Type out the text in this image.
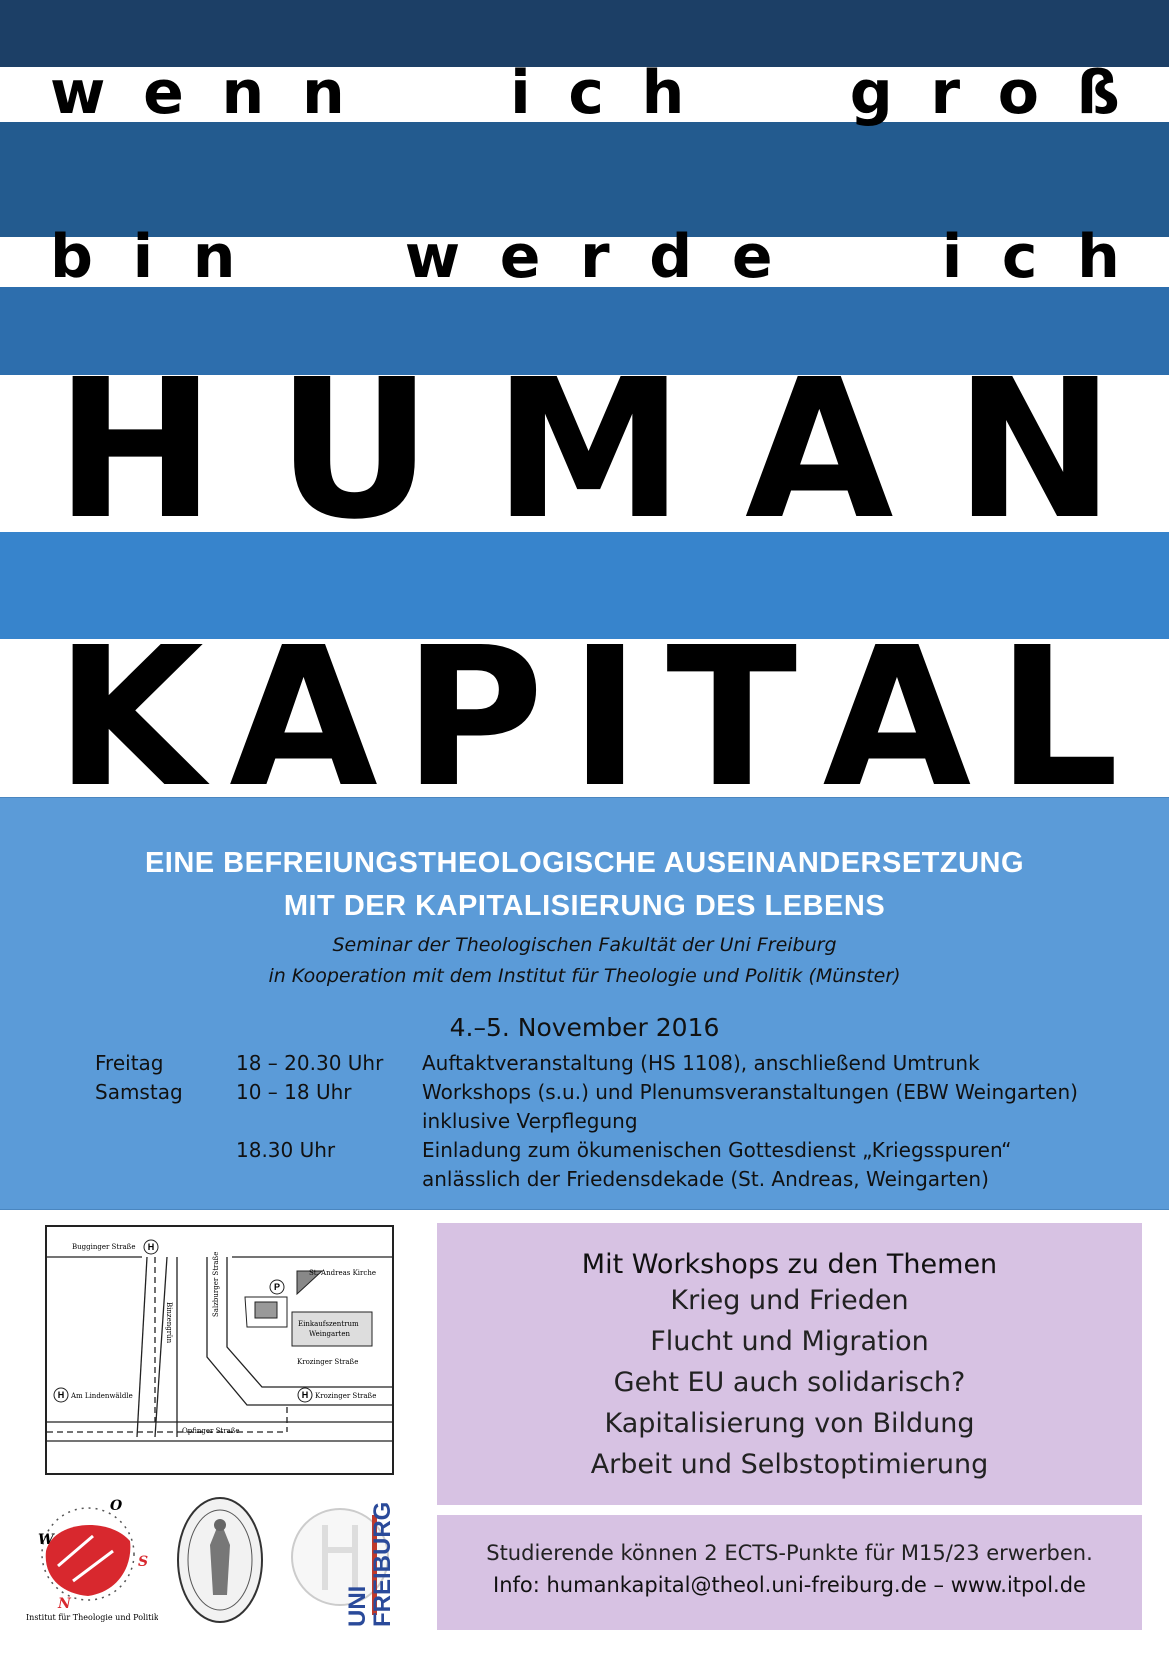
w e n n	i c h	g r o ß
b i n	w e r d e	i c h
H U M A N
K A P I T A L
EINE BEFREIUNGSTHEOLOGISCHE AUSEINANDERSETZUNG
MIT DER KAPITALISIERUNG DES LEBENS
Seminar der Theologischen Fakultät der Uni Freiburg
in Kooperation mit dem Institut für Theologie und Politik (Münster)
4.–5. November 2016
Freitag	18 – 20.30 Uhr Auftaktveranstaltung (HS 1108), anschließend Umtrunk
Samstag	10 – 18 Uhr	Workshops (s.u.) und Plenumsveranstaltungen (EBW Weingarten)
inklusive Verpflegung
18.30 Uhr	Einladung zum ökumenischen Gottesdienst „Kriegsspuren“
anlässlich der Friedensdekade (St. Andreas, Weingarten)
P
H
H	H
Bugginger Straße
Binzengrün
Salzburger Straße	St. Andreas Kirche
Einkaufszentrum
Weingarten
Krozinger Straße
Am Lindenwäldle	Krozinger Straße
Opfinger Straße
W
O
S
N
Institut für Theologie und Politik	UNI
FREIBURG
Mit Workshops zu den Themen
Krieg und Frieden
Flucht und Migration
Geht EU auch solidarisch?
Kapitalisierung von Bildung
Arbeit und Selbstoptimierung
Studierende können 2 ECTS-Punkte für M15/23 erwerben.
Info: humankapital@theol.uni-freiburg.de – www.itpol.de
